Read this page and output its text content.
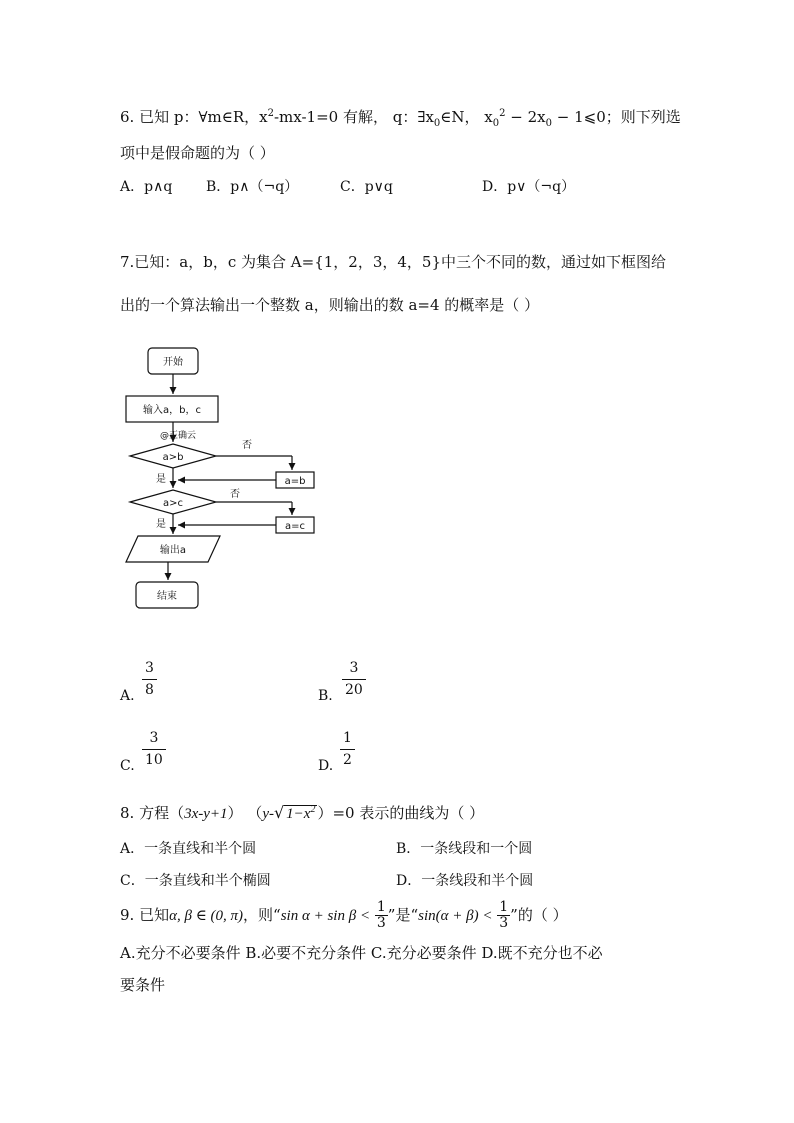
6. 已知 p：∀m∈R，$x^2-mx-1=0$ 有解， q：$\exists x_0\in N$， $x_0^2 - 2x_0$ − 1⩽0；则下列选
项中是假命题的为（ ）
A．p∧q B．p∧（¬q）	C．p∨q	D．p∨（¬q）
7.已知：a，b，c 为集合 A={1，2，3，4，5}中三个不同的数，通过如下框图给
出的一个算法输出一个整数 a，则输出的数 a=4 的概率是（ ）
开始
输入a，b，c
@正确云
a>b
否
a=b
是
a>c
否
a=c
是
输出a
结束
A. $\frac{3}{8}$	B. $\frac{3}{20}$
C. $\frac{3}{10}$	D. $\frac{1}{2}$
8. 方程（3x-y+1） （y-√ $1-x^2$ ）=0 表示的曲线为（ ）
A．一条直线和半个圆	B．一条线段和一个圆
C．一条直线和半个椭圆	D．一条线段和半个圆
9. 已知α, β ∈ (0, π)，则“sin $\alpha + \sin \beta < \frac{1}{3}$ ”是“$\sin(\alpha + \beta) < \frac{1}{3}$ ”的（ ）
A.充分不必要条件 B.必要不充分条件 C.充分必要条件 D.既不充分也不必
要条件
